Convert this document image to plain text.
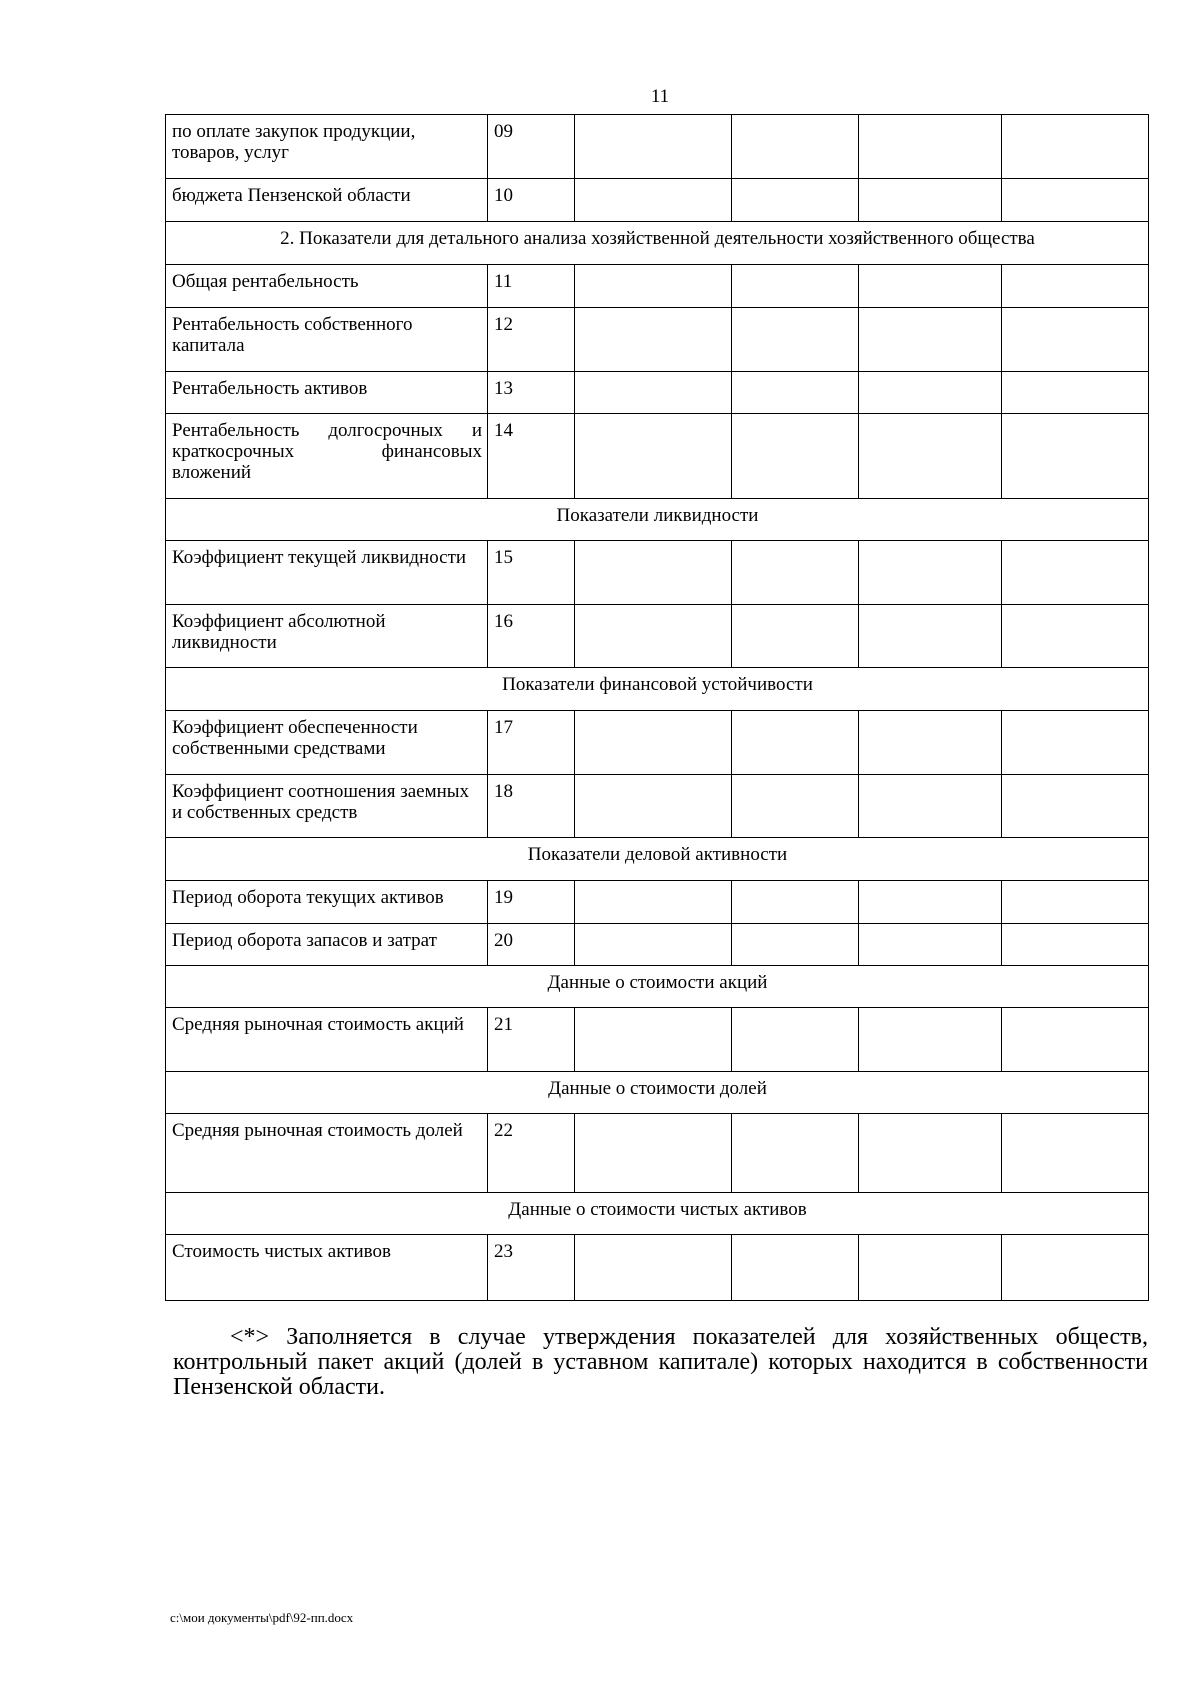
11
по оплате закупок продукции, товаров, услуг	09				
бюджета Пензенской области	10				
2. Показатели для детального анализа хозяйственной деятельности хозяйственного общества					
Общая рентабельность	11				
Рентабельность собственного капитала	12				
Рентабельность активов	13				
Рентабельность долгосрочных и краткосрочных финансовых вложений	14				
Показатели ликвидности					
Коэффициент текущей ликвидности	15				
Коэффициент абсолютной ликвидности	16				
Показатели финансовой устойчивости					
Коэффициент обеспеченности собственными средствами	17				
Коэффициент соотношения заемных и собственных средств	18				
Показатели деловой активности					
Период оборота текущих активов	19				
Период оборота запасов и затрат	20				
Данные о стоимости акций					
Средняя рыночная стоимость акций	21				
Данные о стоимости долей					
Средняя рыночная стоимость долей	22				
Данные о стоимости чистых активов					
Стоимость чистых активов	23				
<*> Заполняется в случае утверждения показателей для хозяйственных обществ, контрольный пакет акций (долей в уставном капитале) которых находится в собственности Пензенской области.
c:\мои документы\pdf\92-пп.docx
